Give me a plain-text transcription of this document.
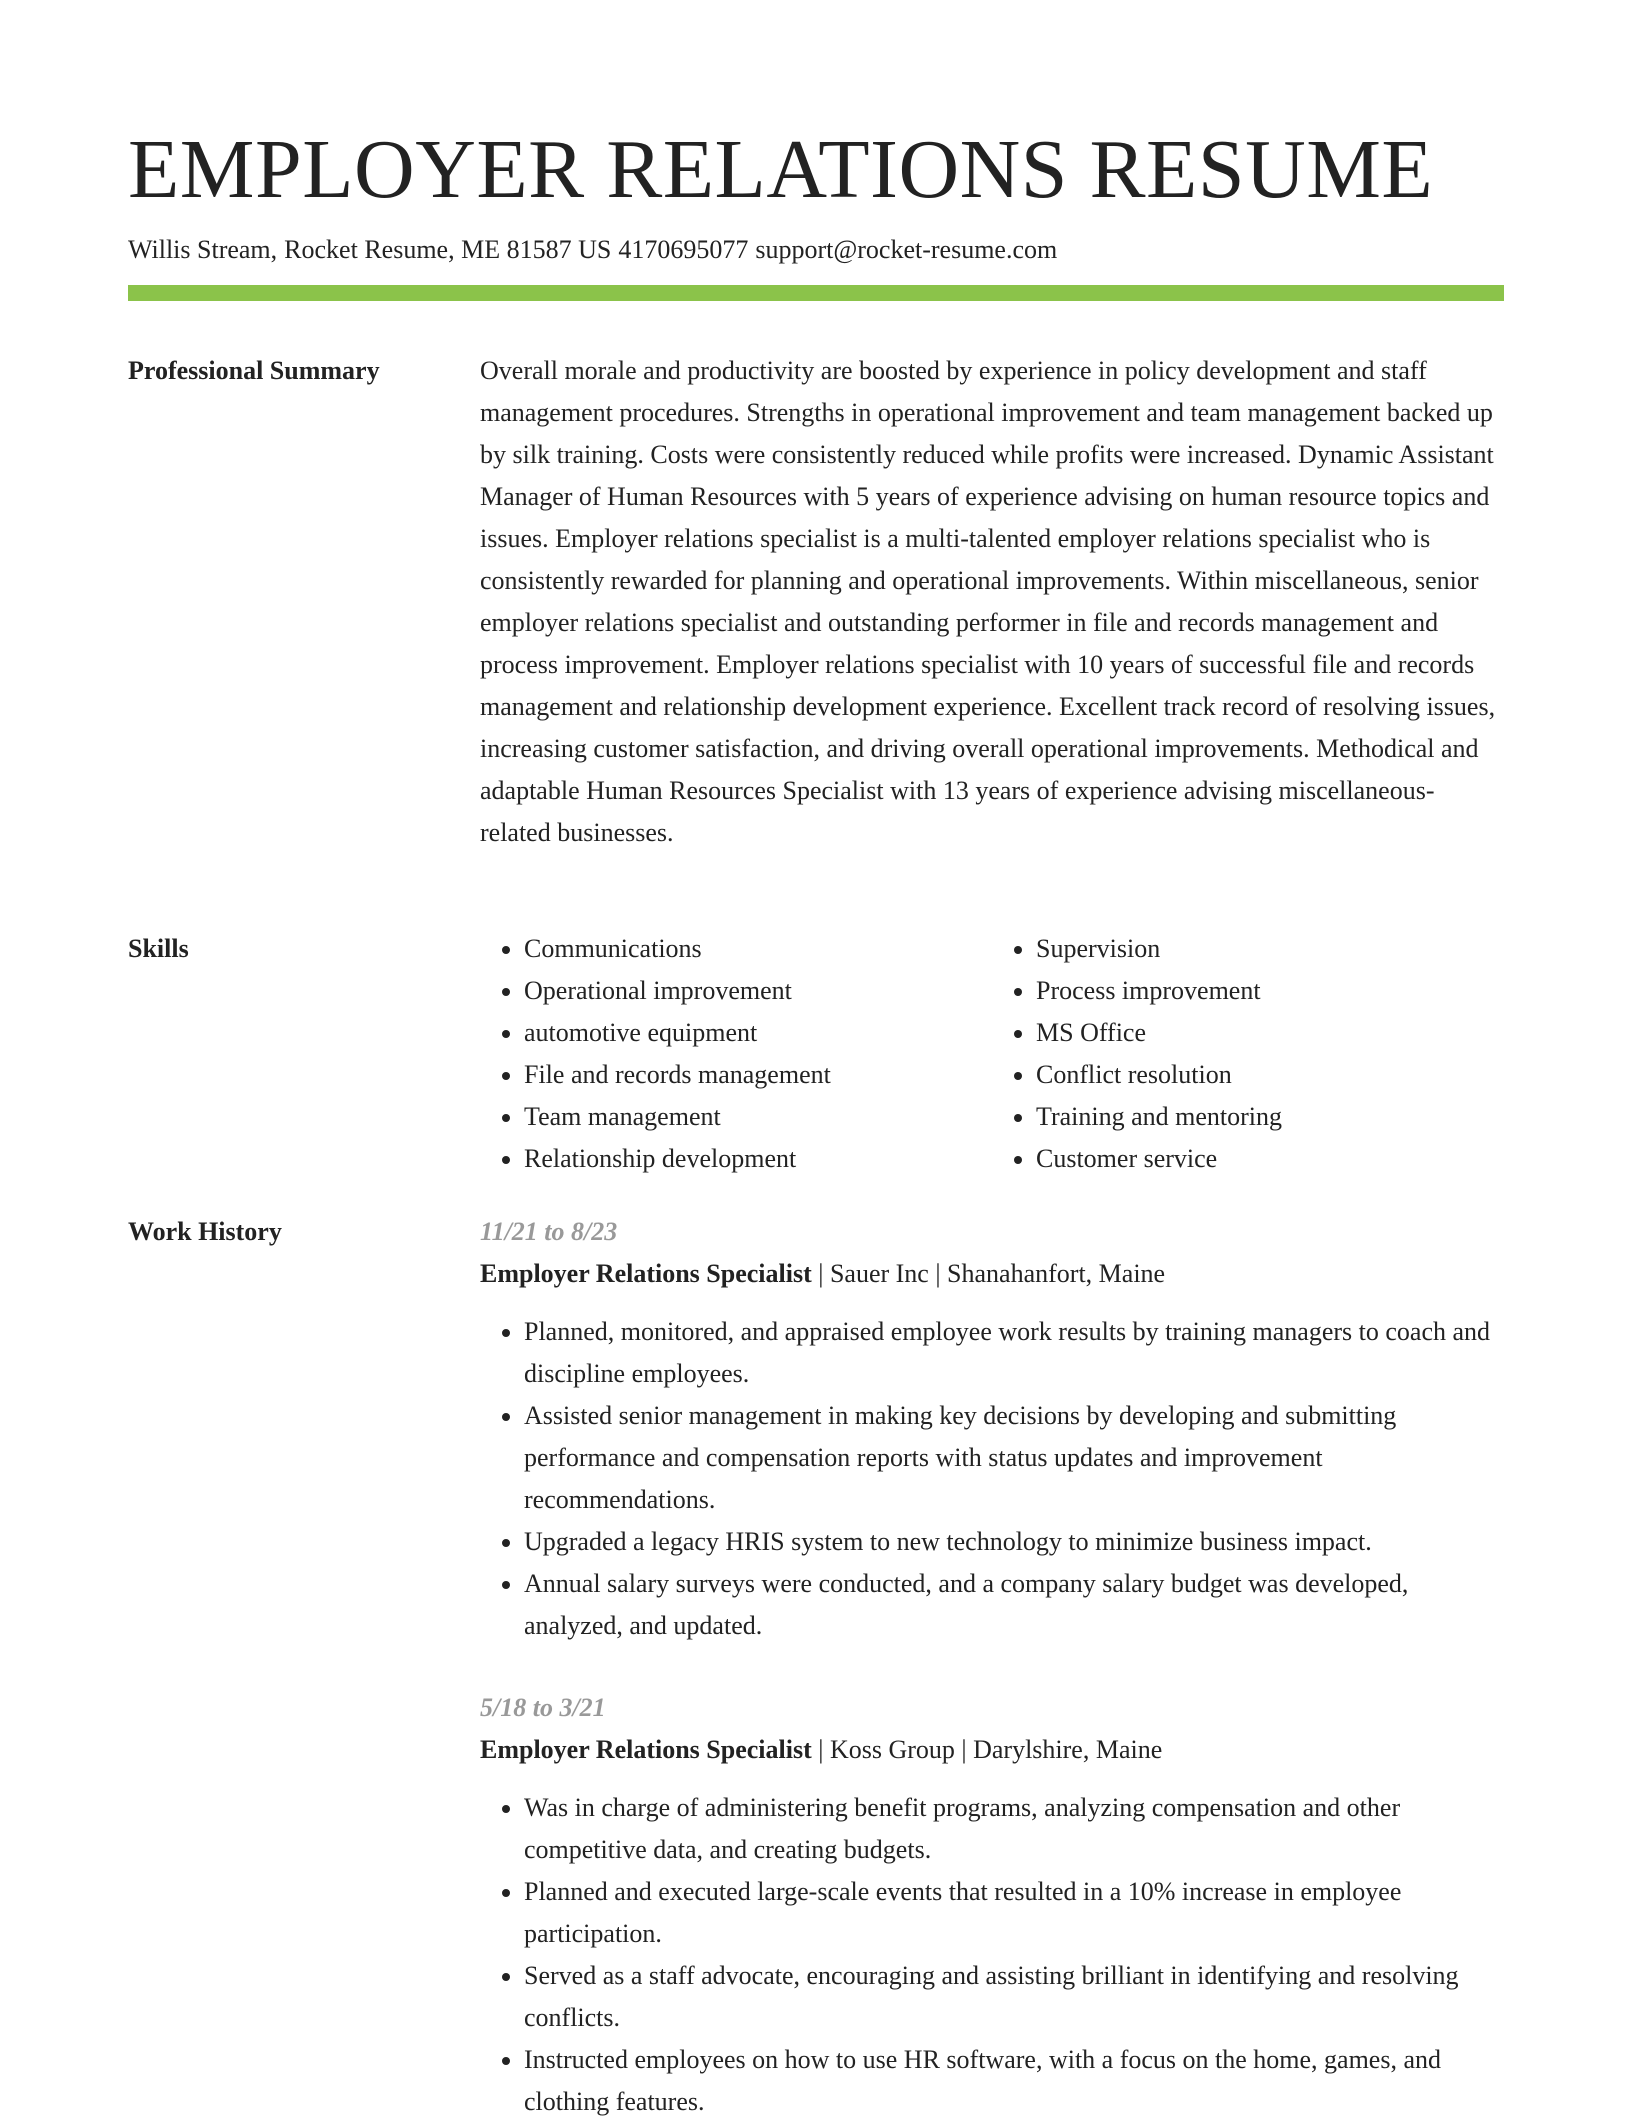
EMPLOYER RELATIONS RESUME
Willis Stream, Rocket Resume, ME 81587 US 4170695077 support@rocket-resume.com
Professional Summary	Overall morale and productivity are boosted by experience in policy development and staff management procedures. Strengths in operational improvement and team management backed up by silk training. Costs were consistently reduced while profits were increased. Dynamic Assistant Manager of Human Resources with 5 years of experience advising on human resource topics and issues. Employer relations specialist is a multi-talented employer relations specialist who is consistently rewarded for planning and operational improvements. Within miscellaneous, senior employer relations specialist and outstanding performer in file and records management and process improvement. Employer relations specialist with 10 years of successful file and records management and relationship development experience. Excellent track record of resolving issues, increasing customer satisfaction, and driving overall operational improvements. Methodical and adaptable Human Resources Specialist with 13 years of experience advising miscellaneous-related businesses.

Skills
•	Communications
• Operational improvement
• automotive equipment
• File and records management
• Team management
• Relationship development
• Supervision
• Process improvement
• MS Office
• Conflict resolution
• Training and mentoring
• Customer service
Work History	11/21 to 8/23
Employer Relations Specialist | Sauer Inc | Shanahanfort, Maine
• Planned, monitored, and appraised employee work results by training managers to coach and discipline employees.
• Assisted senior management in making key decisions by developing and submitting performance and compensation reports with status updates and improvement recommendations.
• Upgraded a legacy HRIS system to new technology to minimize business impact.
• Annual salary surveys were conducted, and a company salary budget was developed, analyzed, and updated.
5/18 to 3/21
Employer Relations Specialist | Koss Group | Darylshire, Maine
• Was in charge of administering benefit programs, analyzing compensation and other competitive data, and creating budgets.
• Planned and executed large-scale events that resulted in a 10% increase in employee participation.
• Served as a staff advocate, encouraging and assisting brilliant in identifying and resolving conflicts.
• Instructed employees on how to use HR software, with a focus on the home, games, and clothing features.
